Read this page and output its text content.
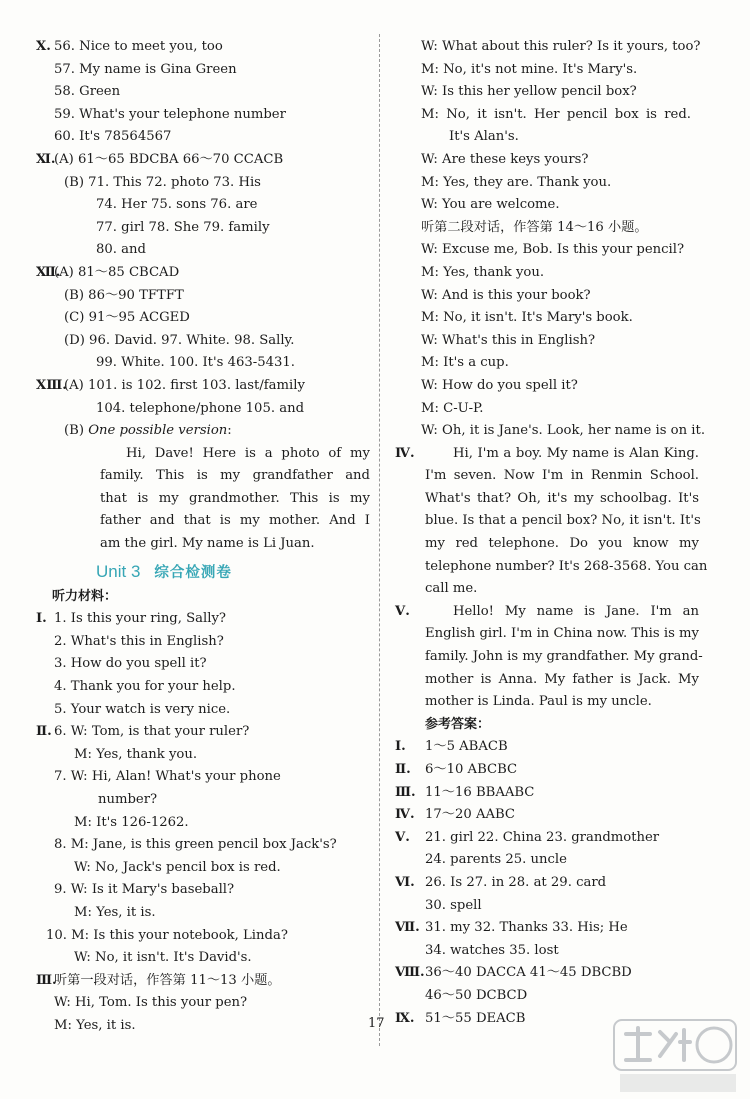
Ⅹ. 56. Nice to meet you, too
57. My name is Gina Green
58. Green
59. What's your telephone number
60. It's 78564567
Ⅺ.
(A) 61～65 BDCBA 66～70 CCACB
(B) 71. This 72. photo 73. His
74. Her 75. sons 76. are
77. girl 78. She 79. family
80. and
Ⅻ.
(A) 81～85 CBCAD
(B) 86～90 TFTFT
(C) 91～95 ACGED
(D) 96. David. 97. White. 98. Sally.
99. White. 100. It's 463-5431.
ⅩⅢ.
(A) 101. is 102. first 103. last/family
104. telephone/phone 105. and
(B) One possible version:
Hi, Dave! Here is a photo of my
family. This is my grandfather and
that is my grandmother. This is my
father and that is my mother. And I
am the girl. My name is Li Juan.
Unit 3 综合检测卷
听力材料：
Ⅰ. 1. Is this your ring, Sally?
2. What's this in English?
3. How do you spell it?
4. Thank you for your help.
5. Your watch is very nice.
Ⅱ. 6. W: Tom, is that your ruler?
M: Yes, thank you.
7. W: Hi, Alan! What's your phone
number?
M: It's 126-1262.
8. M: Jane, is this green pencil box Jack's?
W: No, Jack's pencil box is red.
9. W: Is it Mary's baseball?
M: Yes, it is.
10. M: Is this your notebook, Linda?
W: No, it isn't. It's David's.
Ⅲ.
听第一段对话，作答第 11～13 小题。
W: Hi, Tom. Is this your pen?
M: Yes, it is.
W: What about this ruler? Is it yours, too?
M: No, it's not mine. It's Mary's.
W: Is this her yellow pencil box?
M: No, it isn't. Her pencil box is red.
It's Alan's.
W: Are these keys yours?
M: Yes, they are. Thank you.
W: You are welcome.
听第二段对话，作答第 14～16 小题。
W: Excuse me, Bob. Is this your pencil?
M: Yes, thank you.
W: And is this your book?
M: No, it isn't. It's Mary's book.
W: What's this in English?
M: It's a cup.
W: How do you spell it?
M: C-U-P.
W: Oh, it is Jane's. Look, her name is on it.
Ⅳ.	Hi, I'm a boy. My name is Alan King.
I'm seven. Now I'm in Renmin School.
What's that? Oh, it's my schoolbag. It's
blue. Is that a pencil box? No, it isn't. It's
my red telephone. Do you know my
telephone number? It's 268-3568. You can
call me.
Ⅴ.	Hello! My name is Jane. I'm an
English girl. I'm in China now. This is my
family. John is my grandfather. My grand-
mother is Anna. My father is Jack. My
mother is Linda. Paul is my uncle.
参考答案：
Ⅰ. 1～5 ABACB
Ⅱ. 6～10 ABCBC
Ⅲ. 11～16 BBAABC
Ⅳ. 17～20 AABC
Ⅴ. 21. girl 22. China 23. grandmother
24. parents 25. uncle
Ⅵ. 26. Is 27. in 28. at 29. card
30. spell
Ⅶ. 31. my 32. Thanks 33. His; He
34. watches 35. lost
Ⅷ. 36～40 DACCA 41～45 DBCBD
46～50 DCBCD
Ⅸ. 51～55 DEACB
17
